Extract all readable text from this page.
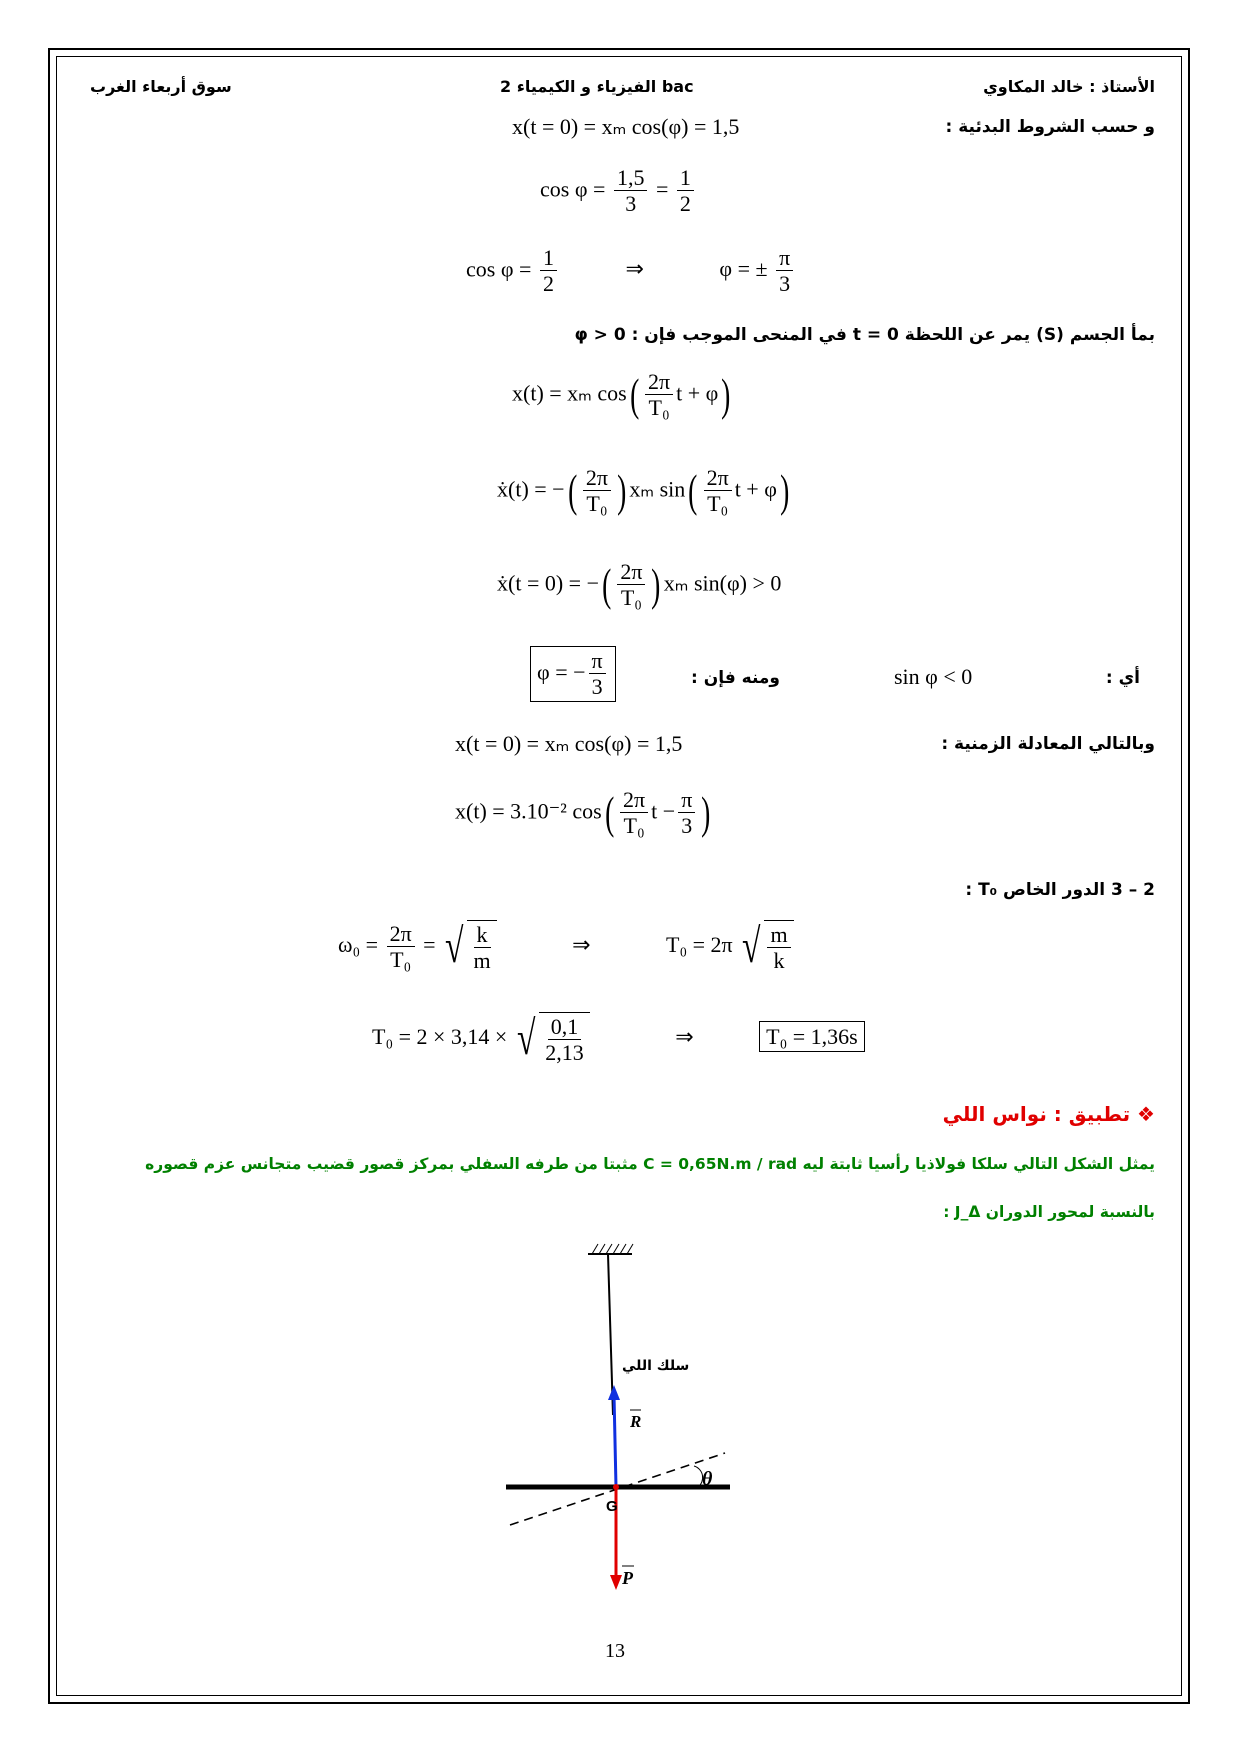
الأستاذ : خالد المكاوي
الفيزياء و الكيمياء 2 bac
سوق أربعاء الغرب
و حسب الشروط البدئية :
x(t = 0) = xₘ cos(φ) = 1,5
$\cos \varphi = \frac{1,5}{3} = \frac{1}{2}$
$\cos \varphi = \frac{1}{2}$	⇒	φ = ± $\frac{\pi}{3}$
بمأ الجسم (S) يمر عن اللحظة t = 0 في المنحى الموجب فإن : φ > 0
x(t) = xₘ $\cos( \frac{2\pi}{\text{T₀}}$ t + φ)
ẋ(t) = −( $\frac{2\pi}{\text{T₀}}$ ) xₘ $\sin( \frac{2\pi}{\text{T₀}}$ t + φ)
ẋ(t = 0) = −( $\frac{2\pi}{\text{T₀}}$ ) xₘ sin(φ) > 0
أي :
sin φ < 0
ومنه فإن :
φ = − $\frac{\pi}{3}$
وبالتالي المعادلة الزمنية :
x(t = 0) = xₘ cos(φ) = 1,5
x(t) = 3.10⁻² $\cos( \frac{2\pi}{\text{T₀}}$ $t - \frac{\pi}{3}$ )
2 – 3 الدور الخاص T₀ :
$\omega_0 = \frac{2\pi}{\text{T₀}}$ = √ $\frac{k}{m}$	⇒	T₀ = 2π √ $\frac{m}{k}$
T₀ = 2 × 3,14 × √ $\frac{0,1}{2,13}$	⇒	T₀ = 1,36s
❖ تطبيق : نواس اللي
يمثل الشكل التالي سلكا فولاذيا رأسيا ثابتة ليه C = 0,65N.m / rad مثبتا من طرفه السفلي بمركز قصور قضيب متجانس عزم قصوره
بالنسبة لمحور الدوران J_Δ :
سلك اللي
R
P
G
θ
13
